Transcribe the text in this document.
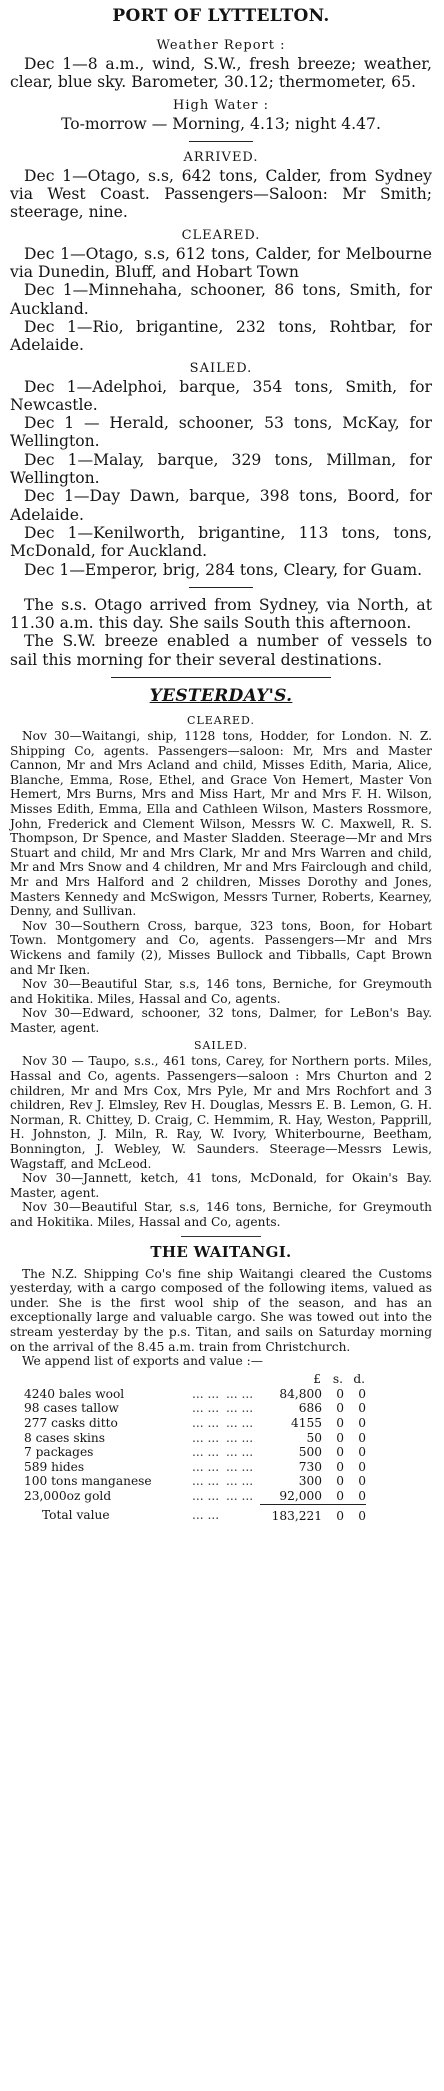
PORT OF LYTTELTON.
Weather Report :

Dec 1—8 a.m., wind, S.W., fresh breeze; weather, clear, blue sky. Barometer, 30.12; thermometer, 65.

High Water :

To-morrow — Morning, 4.13; night 4.47.

ARRIVED.

Dec 1—Otago, s.s, 642 tons, Calder, from Sydney via West Coast. Passengers—Saloon: Mr Smith; steerage, nine.

CLEARED.

Dec 1—Otago, s.s, 612 tons, Calder, for Melbourne via Dunedin, Bluff, and Hobart Town

Dec 1—Minnehaha, schooner, 86 tons, Smith, for Auckland.

Dec 1—Rio, brigantine, 232 tons, Rohtbar, for Adelaide.

SAILED.

Dec 1—Adelphoi, barque, 354 tons, Smith, for Newcastle.

Dec 1 — Herald, schooner, 53 tons, McKay, for Wellington.

Dec 1—Malay, barque, 329 tons, Millman, for Wellington.

Dec 1—Day Dawn, barque, 398 tons, Boord, for Adelaide.

Dec 1—Kenilworth, brigantine, 113 tons, tons, McDonald, for Auckland.

Dec 1—Emperor, brig, 284 tons, Cleary, for Guam.

The s.s. Otago arrived from Sydney, via North, at 11.30 a.m. this day. She sails South this afternoon.

The S.W. breeze enabled a number of vessels to sail this morning for their several destinations.

YESTERDAY'S.
CLEARED.

Nov 30—Waitangi, ship, 1128 tons, Hodder, for London. N. Z. Shipping Co, agents. Passengers—saloon: Mr, Mrs and Master Cannon, Mr and Mrs Acland and child, Misses Edith, Maria, Alice, Blanche, Emma, Rose, Ethel, and Grace Von Hemert, Master Von Hemert, Mrs Burns, Mrs and Miss Hart, Mr and Mrs F. H. Wilson, Misses Edith, Emma, Ella and Cathleen Wilson, Masters Rossmore, John, Frederick and Clement Wilson, Messrs W. C. Maxwell, R. S. Thompson, Dr Spence, and Master Sladden. Steerage—Mr and Mrs Stuart and child, Mr and Mrs Clark, Mr and Mrs Warren and child, Mr and Mrs Snow and 4 children, Mr and Mrs Fairclough and child, Mr and Mrs Halford and 2 children, Misses Dorothy and Jones, Masters Kennedy and McSwigon, Messrs Turner, Roberts, Kearney, Denny, and Sullivan.

Nov 30—Southern Cross, barque, 323 tons, Boon, for Hobart Town. Montgomery and Co, agents. Passengers—Mr and Mrs Wickens and family (2), Misses Bullock and Tibballs, Capt Brown and Mr Iken.

Nov 30—Beautiful Star, s.s, 146 tons, Berniche, for Greymouth and Hokitika. Miles, Hassal and Co, agents.

Nov 30—Edward, schooner, 32 tons, Dalmer, for LeBon's Bay. Master, agent.

SAILED.

Nov 30 — Taupo, s.s., 461 tons, Carey, for Northern ports. Miles, Hassal and Co, agents. Passengers—saloon : Mrs Churton and 2 children, Mr and Mrs Cox, Mrs Pyle, Mr and Mrs Rochfort and 3 children, Rev J. Elmsley, Rev H. Douglas, Messrs E. B. Lemon, G. H. Norman, R. Chittey, D. Craig, C. Hemmim, R. Hay, Weston, Papprill, H. Johnston, J. Miln, R. Ray, W. Ivory, Whiterbourne, Beetham, Bonnington, J. Webley, W. Saunders. Steerage—Messrs Lewis, Wagstaff, and McLeod.

Nov 30—Jannett, ketch, 41 tons, McDonald, for Okain's Bay. Master, agent.

Nov 30—Beautiful Star, s.s, 146 tons, Berniche, for Greymouth and Hokitika. Miles, Hassal and Co, agents.

THE WAITANGI.

The N.Z. Shipping Co's fine ship Waitangi cleared the Customs yesterday, with a cargo composed of the following items, valued as under. She is the first wool ship of the season, and has an exceptionally large and valuable cargo. She was towed out into the stream yesterday by the p.s. Titan, and sails on Saturday morning on the arrival of the 8.45 a.m. train from Christchurch.

We append list of exports and value :—

			£	s.	d.
4240 bales wool	... ...	... ...	84,800	0	0
98 cases tallow	... ...	... ...	686	0	0
277 casks ditto	... ...	... ...	4155	0	0
8 cases skins	... ...	... ...	50	0	0
7 packages	... ...	... ...	500	0	0
589 hides	... ...	... ...	730	0	0
100 tons manganese	... ...	... ...	300	0	0
23,000oz gold	... ...	... ...	92,000	0	0
Total value	... ...		183,221	0	0
